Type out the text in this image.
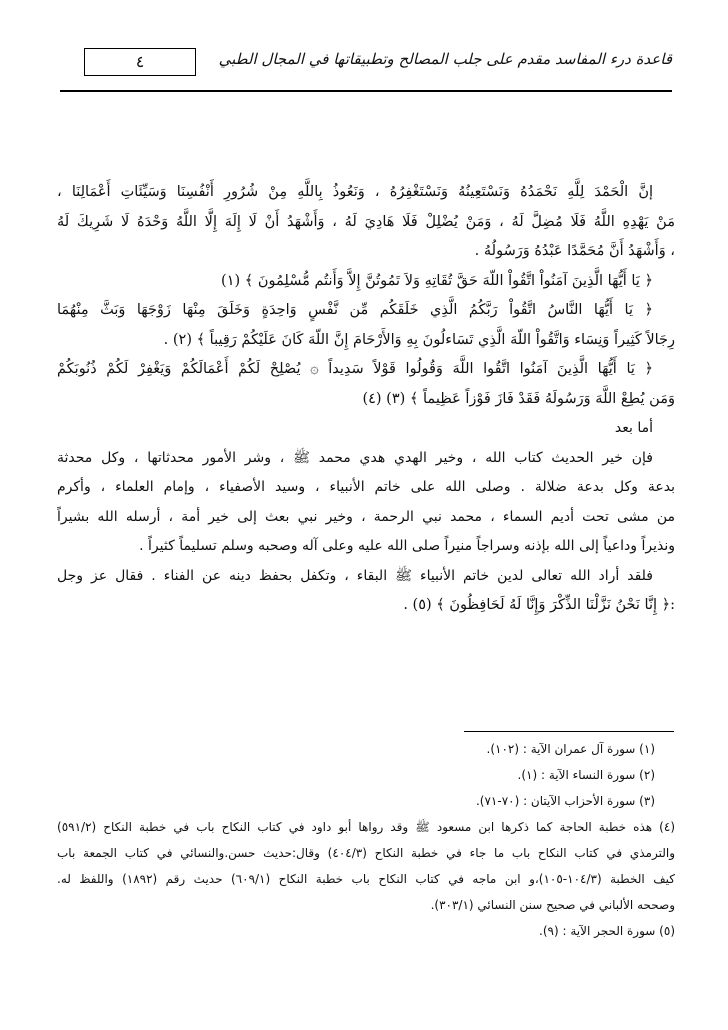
قاعدة درء المفاسد مقدم على جلب المصالح وتطبيقاتها في المجال الطبي
٤
إنَّ الْحَمْدَ لِلَّهِ نَحْمَدُهُ وَنَسْتَعِينُهُ وَنَسْتَغْفِرُهُ ، وَنَعُوذُ بِاللَّهِ مِنْ شُرُورِ أَنْفُسِنَا وَسَيِّئَاتِ أَعْمَالِنَا ،
مَنْ يَهْدِهِ اللَّهُ فَلَا مُضِلَّ لَهُ ، وَمَنْ يُضْلِلْ فَلَا هَادِيَ لَهُ ، وَأَشْهَدُ أَنْ لَا إِلَهَ إِلَّا اللَّهُ وَحْدَهُ لَا شَرِيكَ لَهُ
، وَأَشْهَدُ أَنَّ مُحَمَّدًا عَبْدُهُ وَرَسُولُهُ .
﴿ يَا أَيُّهَا الَّذِينَ آمَنُواْ اتَّقُواْ اللّهَ حَقَّ تُقَاتِهِ وَلاَ تَمُوتُنَّ إِلاَّ وَأَنتُم مُّسْلِمُونَ ﴾ (١)
﴿ يَا أَيُّهَا النَّاسُ اتَّقُواْ رَبَّكُمُ الَّذِي خَلَقَكُم مِّن نَّفْسٍ وَاحِدَةٍ وَخَلَقَ مِنْهَا زَوْجَهَا وَبَثَّ مِنْهُمَا
رِجَالاً كَثِيراً وَنِسَاء وَاتَّقُواْ اللّهَ الَّذِي تَسَاءلُونَ بِهِ وَالأَرْحَامَ إِنَّ اللّهَ كَانَ عَلَيْكُمْ رَقِيباً ﴾ (٢) .
﴿ يَا أَيُّهَا الَّذِينَ آمَنُوا اتَّقُوا اللَّهَ وَقُولُوا قَوْلاً سَدِيداً ۞ يُصْلِحْ لَكُمْ أَعْمَالَكُمْ وَيَغْفِرْ لَكُمْ ذُنُوبَكُمْ
وَمَن يُطِعْ اللَّهَ وَرَسُولَهُ فَقَدْ فَازَ فَوْزاً عَظِيماً ﴾ (٣) (٤)
أما بعد
فإن خير الحديث كتاب الله ، وخير الهدي هدي محمد ﷺ ، وشر الأمور محدثاتها ، وكل محدثة
بدعة وكل بدعة ضلالة . وصلى الله على خاتم الأنبياء ، وسيد الأصفياء ، وإمام العلماء ، وأكرم
من مشى تحت أديم السماء ، محمد نبي الرحمة ، وخير نبي بعث إلى خير أمة ، أرسله الله بشيراً
ونذيراً وداعياً إلى الله بإذنه وسراجاً منيراً صلى الله عليه وعلى آله وصحبه وسلم تسليماً كثيراً .
فلقد أراد الله تعالى لدين خاتم الأنبياء ﷺ البقاء ، وتكفل بحفظ دينه عن الفناء . فقال عز وجل
:﴿ إِنَّا نَحْنُ نَزَّلْنَا الذِّكْرَ وَإِنَّا لَهُ لَحَافِظُونَ ﴾ (٥) .
(١) سورة آل عمران الآية : (١٠٢).
(٢) سورة النساء الآية : (١).
(٣) سورة الأحزاب الآيتان : (٧٠-٧١).
(٤) هذه خطبة الحاجة كما ذكرها ابن مسعود ﷺ وقد رواها أبو داود في كتاب النكاح باب في خطبة النكاح (٥٩١/٢)
والترمذي في كتاب النكاح باب ما جاء في خطبة النكاح (٤٠٤/٣) وقال:حديث حسن.والنسائي في كتاب الجمعة باب
كيف الخطبة (١٠٤/٣-١٠٥)،و ابن ماجه في كتاب النكاح باب خطبة النكاح (٦٠٩/١) حديث رقم (١٨٩٢) واللفظ له.
وصححه الألباني في صحيح سنن النسائي (٣٠٣/١).
(٥) سورة الحجر الآية : (٩).
